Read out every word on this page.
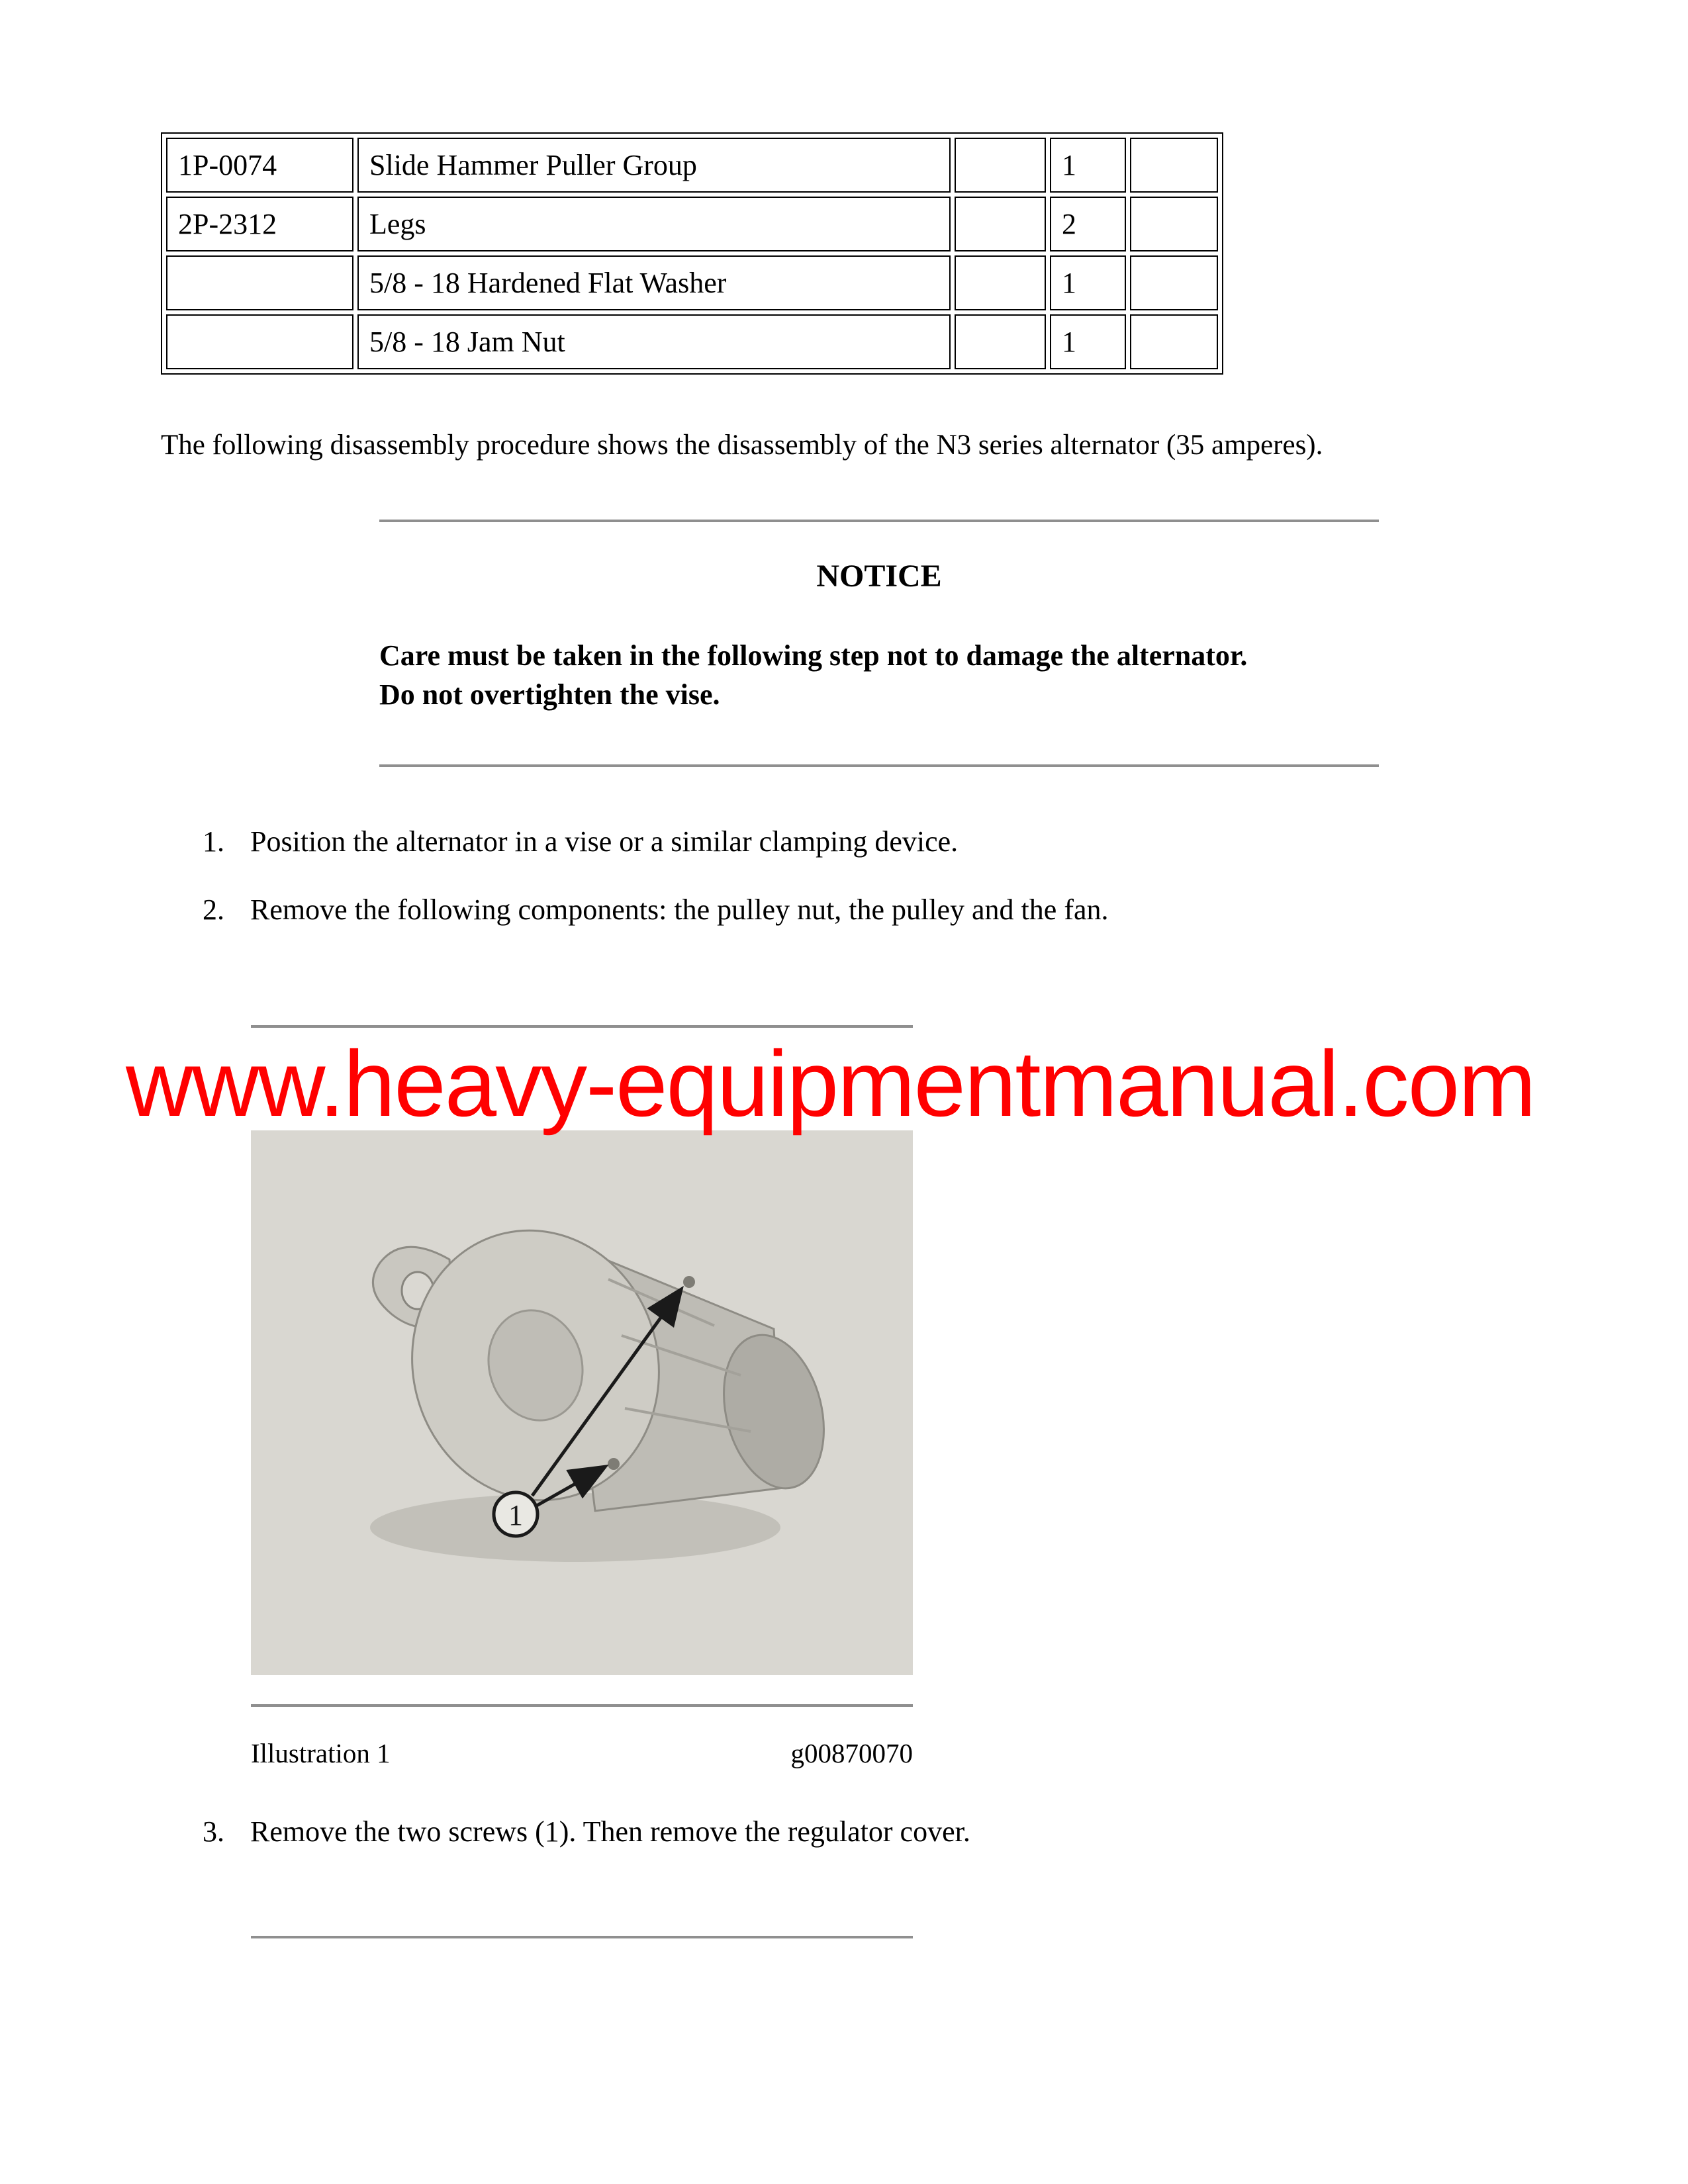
1P-0074	Slide Hammer Puller Group		1	
2P-2312	Legs		2	
	5/8 - 18 Hardened Flat Washer		1	
	5/8 - 18 Jam Nut		1	

The following disassembly procedure shows the disassembly of the N3 series alternator (35 amperes).

NOTICE
Care must be taken in the following step not to damage the alternator.
Do not overtighten the vise.
1. Position the alternator in a vise or a similar clamping device.
2. Remove the following components: the pulley nut, the pulley and the fan.
www.heavy-equipmentmanual.com
1
Illustration 1	g00870070
3. Remove the two screws (1). Then remove the regulator cover.
